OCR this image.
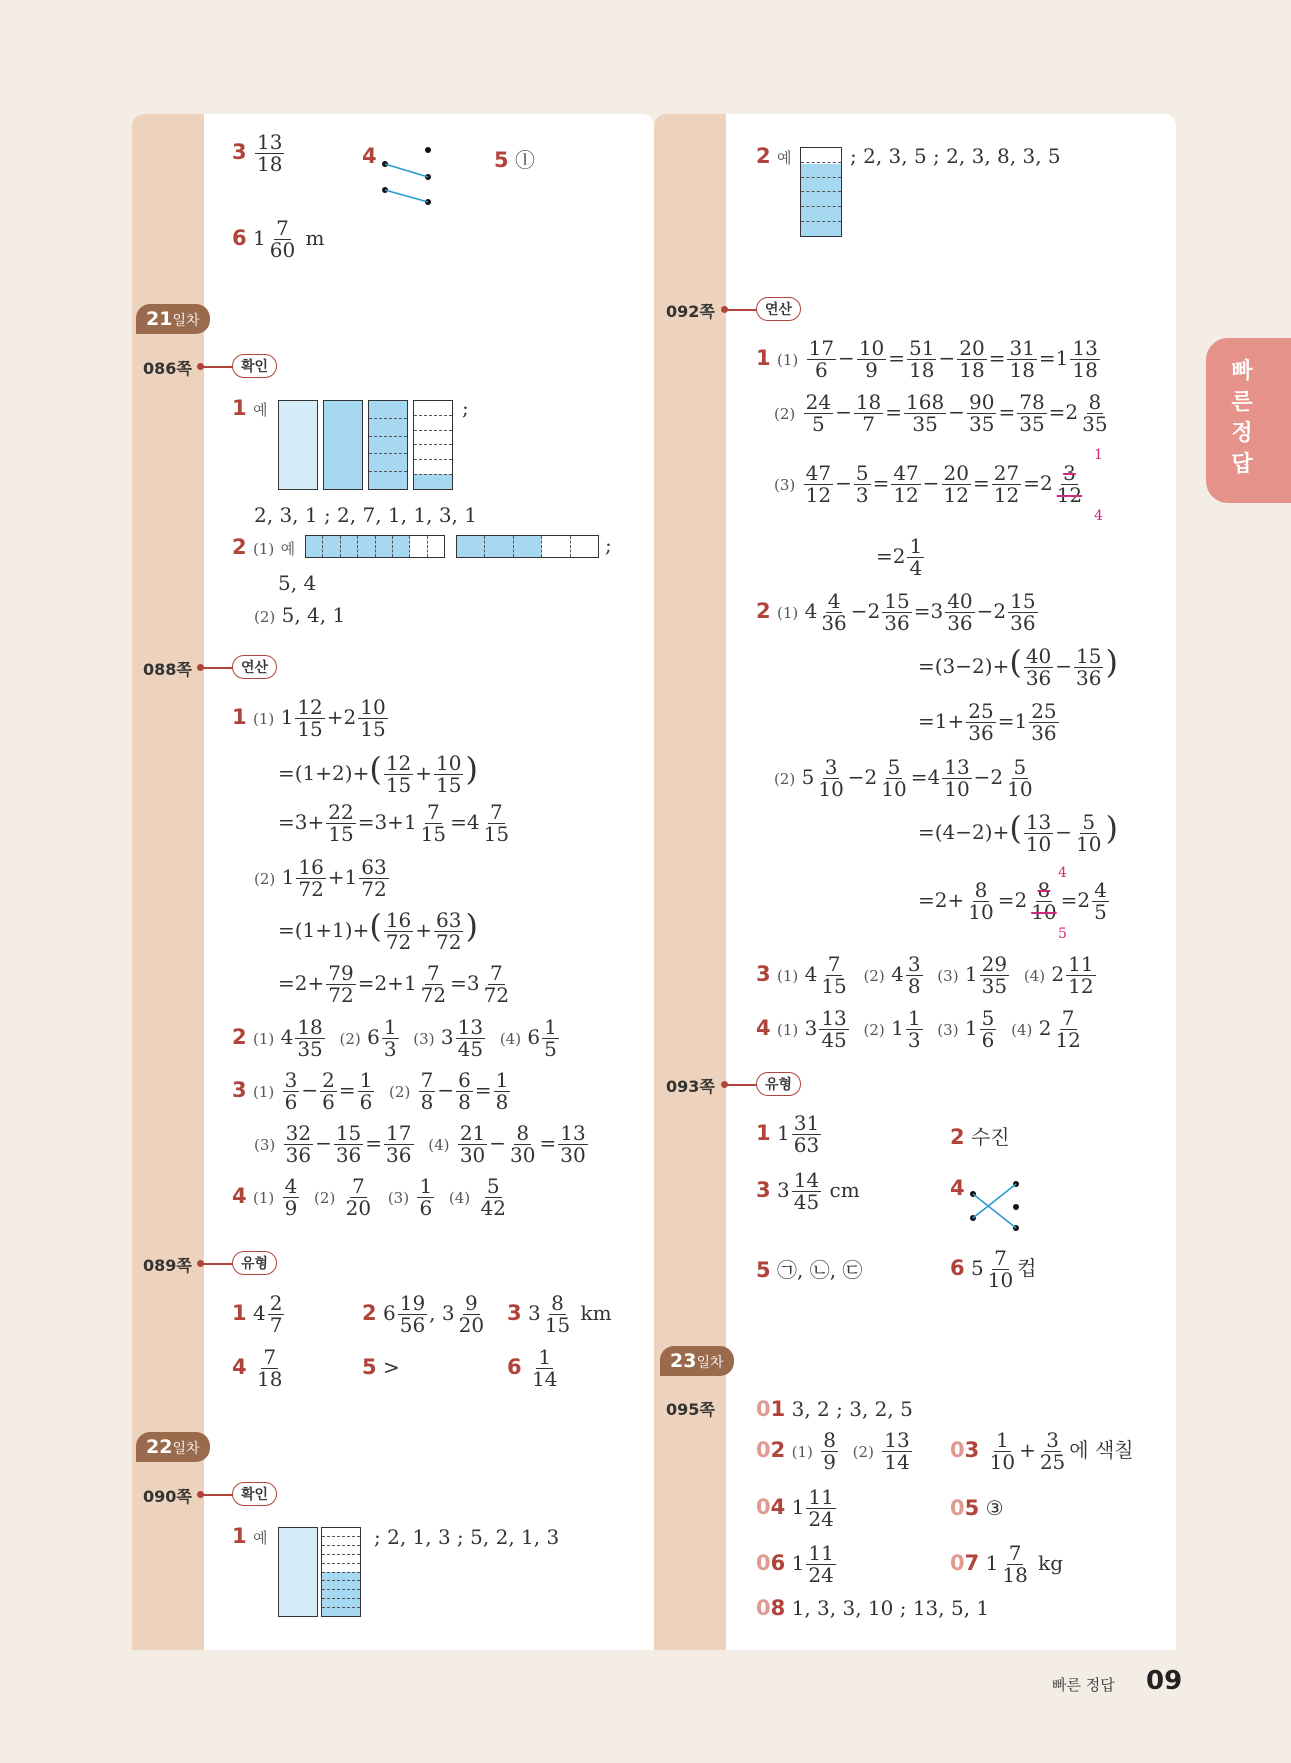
$3 \frac{13}{18}$	4	5 ⓛ
6 $1 \frac{7}{60}$ m
21일차
086쪽	확인
1 예	;
2, 3, 1 ; 2, 7, 1, 1, 3, 1
2 (1) 예	;
5, 4
(2) 5, 4, 1
088쪽	연산
1 (1) $1 \frac{12}{15} +2 \frac{10}{15}$
$=(1+2)+( \frac{12}{15} + \frac{10}{15}$ )
$=3+ \frac{22}{15} =3+1 \frac{7}{15} =4 \frac{7}{15}$
(2) $1 \frac{16}{72} +1 \frac{63}{72}$
$=(1+1)+( \frac{16}{72} + \frac{63}{72}$ )
$=2+ \frac{79}{72} =2+1 \frac{7}{72} =3 \frac{7}{72}$
2 (1) $4 \frac{18}{35} (2)$ $6 \frac{1}{3} (3)$ $3 \frac{13}{45} (4)$ $6 \frac{1}{5}$
3 $(1) \frac{3}{6} - \frac{2}{6} = \frac{1}{6} (2) \frac{7}{8} - \frac{6}{8} = \frac{1}{8}$
$(3) \frac{32}{36} - \frac{15}{36} = \frac{17}{36} (4) \frac{21}{30} - \frac{8}{30} = \frac{13}{30}$
4 $(1) \frac{4}{9} (2) \frac{7}{20} (3) \frac{1}{6} (4) \frac{5}{42}$
089쪽	유형
1 $4 \frac{2}{7}$	2 $6 \frac{19}{56}$ , $3 \frac{9}{20} 3$ $3 \frac{8}{15}$ km
$4 \frac{7}{18}$	5 >	$6 \frac{1}{14}$
22일차
090쪽	확인
1 예	; 2, 1, 3 ; 5, 2, 1, 3
2 예	; 2, 3, 5 ; 2, 3, 8, 3, 5
092쪽	연산
1 $(1) \frac{17}{6} - \frac{10}{9} = \frac{51}{18} - \frac{20}{18} = \frac{31}{18} =1 \frac{13}{18}$
$(2) \frac{24}{5} - \frac{18}{7} = \frac{168}{35} - \frac{90}{35} = \frac{78}{35} =2 \frac{8}{35}$
$(3) \frac{47}{12} - \frac{5}{3} = \frac{47}{12} - \frac{20}{12} = \frac{27}{12} =2 \frac{3}{12}$
1
4
$=2 \frac{1}{4}$
2 (1) $4 \frac{4}{36} -2 \frac{15}{36} =3 \frac{40}{36} -2 \frac{15}{36}$
$=(3-2)+( \frac{40}{36} - \frac{15}{36}$ )
$=1+ \frac{25}{36} =1 \frac{25}{36}$
(2) $5 \frac{3}{10} -2 \frac{5}{10} =4 \frac{13}{10} -2 \frac{5}{10}$
$=(4-2)+( \frac{13}{10} - \frac{5}{10}$ )
$=2+ \frac{8}{10} =2 \frac{8}{10} =2 \frac{4}{5}$
4
5
3 (1) $4 \frac{7}{15} (2)$ $4 \frac{3}{8} (3)$ $1 \frac{29}{35} (4)$ $2 \frac{11}{12}$
4 (1) $3 \frac{13}{45} (2)$ $1 \frac{1}{3} (3)$ $1 \frac{5}{6} (4)$ $2 \frac{7}{12}$
093쪽	유형
1 $1 \frac{31}{63}$	2 수진
3 $3 \frac{14}{45}$ cm	4
5 ㉠, ㉡, ㉢	6 $5 \frac{7}{10}$ 컵
23일차
095쪽 01 3, 2 ; 3, 2, 5
02 $(1) \frac{8}{9} (2) \frac{13}{14} 03 \frac{1}{10} + \frac{3}{25}$ 에 색칠
04 $1 \frac{11}{24}$	05 ③
06 $1 \frac{11}{24}$	07 $1 \frac{7}{18}$ kg
08 1, 3, 3, 10 ; 13, 5, 1
빠른정답
빠른 정답 09
